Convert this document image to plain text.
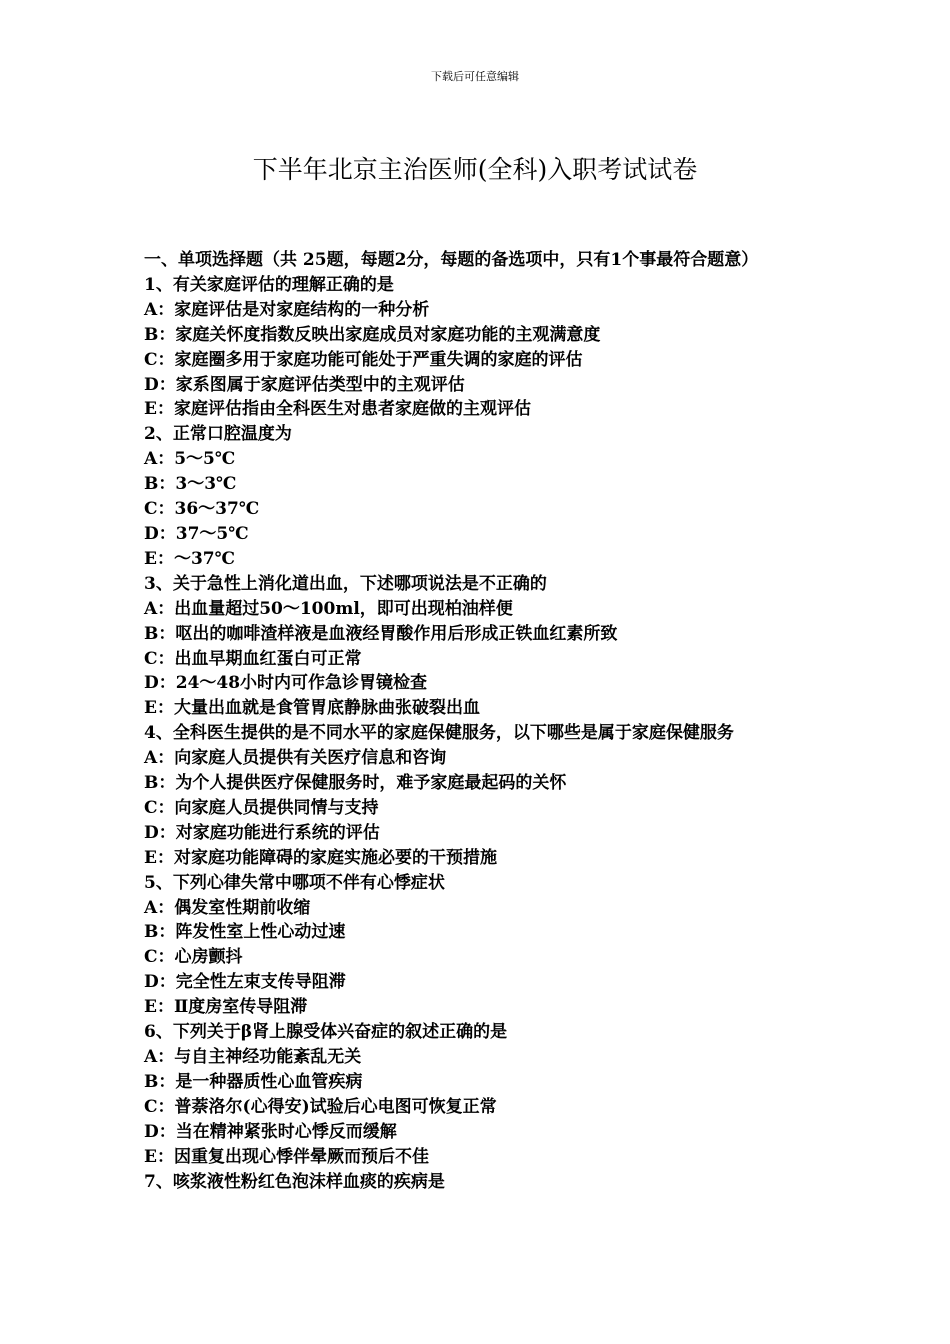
下载后可任意编辑
下半年北京主治医师(全科)入职考试试卷
一、单项选择题（共 25题，每题2分，每题的备选项中，只有1个事最符合题意）
1、有关家庭评估的理解正确的是
A：家庭评估是对家庭结构的一种分析
B：家庭关怀度指数反映出家庭成员对家庭功能的主观满意度
C：家庭圈多用于家庭功能可能处于严重失调的家庭的评估
D：家系图属于家庭评估类型中的主观评估
E：家庭评估指由全科医生对患者家庭做的主观评估
2、正常口腔温度为
A：5～5℃
B：3～3℃
C：36～37℃
D：37～5℃
E：～37℃
3、关于急性上消化道出血，下述哪项说法是不正确的
A：出血量超过50～100ml，即可出现柏油样便
B：呕出的咖啡渣样液是血液经胃酸作用后形成正铁血红素所致
C：出血早期血红蛋白可正常
D：24～48小时内可作急诊胃镜检查
E：大量出血就是食管胃底静脉曲张破裂出血
4、全科医生提供的是不同水平的家庭保健服务，以下哪些是属于家庭保健服务
A：向家庭人员提供有关医疗信息和咨询
B：为个人提供医疗保健服务时，难予家庭最起码的关怀
C：向家庭人员提供同情与支持
D：对家庭功能进行系统的评估
E：对家庭功能障碍的家庭实施必要的干预措施
5、下列心律失常中哪项不伴有心悸症状
A：偶发室性期前收缩
B：阵发性室上性心动过速
C：心房颤抖
D：完全性左束支传导阻滞
E：Ⅱ度房室传导阻滞
6、下列关于β肾上腺受体兴奋症的叙述正确的是
A：与自主神经功能紊乱无关
B：是一种器质性心血管疾病
C：普萘洛尔(心得安)试验后心电图可恢复正常
D：当在精神紧张时心悸反而缓解
E：因重复出现心悸伴晕厥而预后不佳
7、咳浆液性粉红色泡沫样血痰的疾病是
